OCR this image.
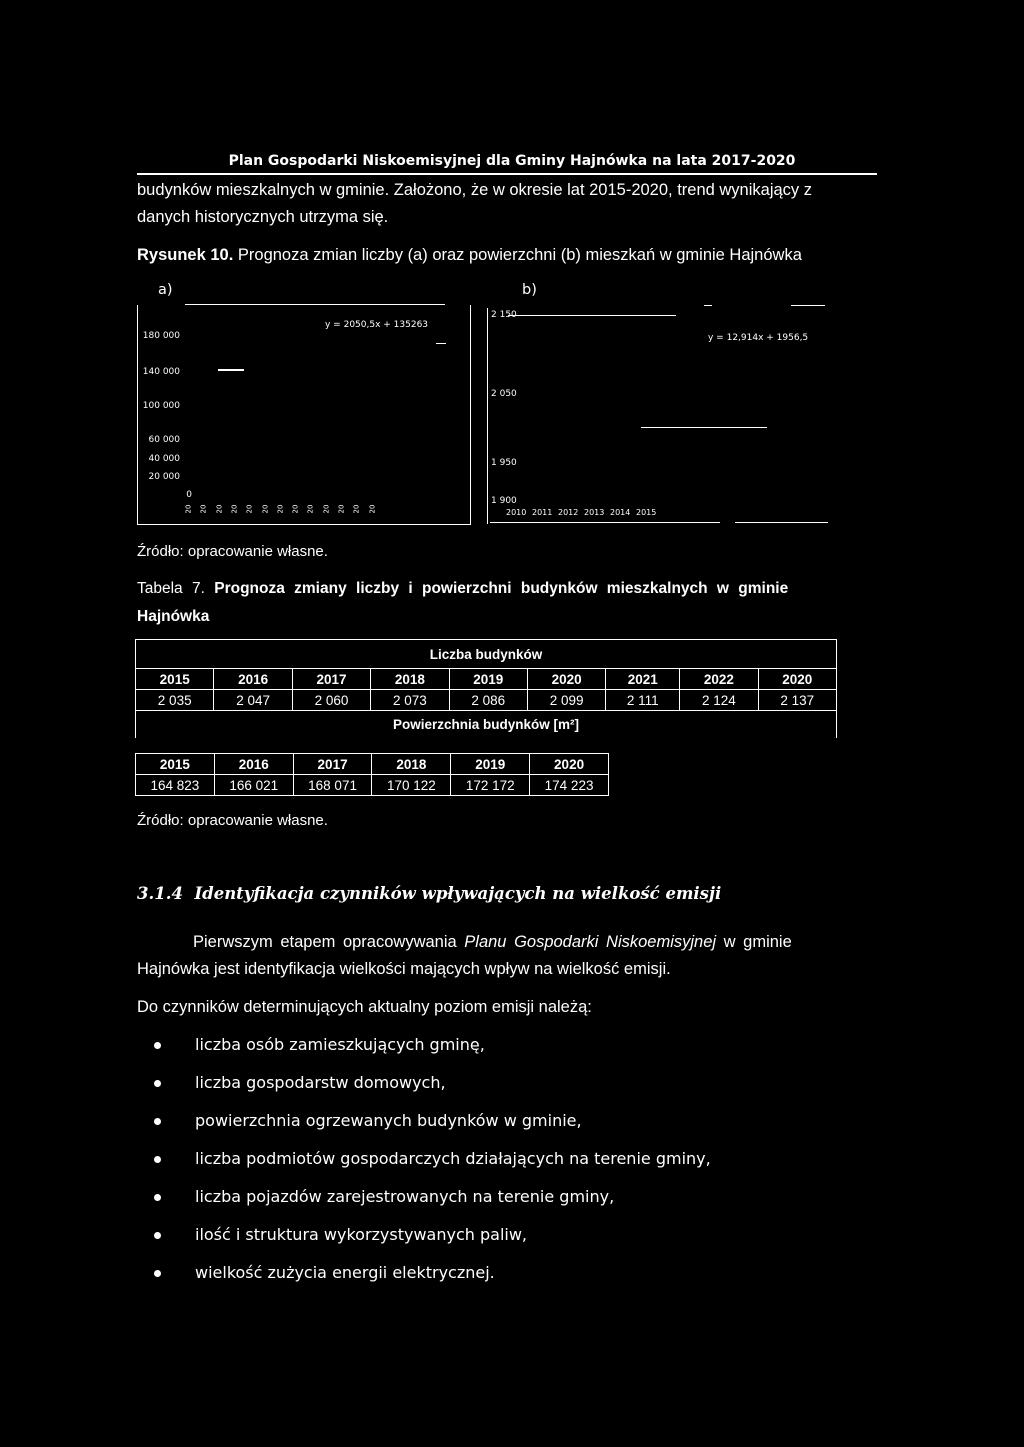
Plan Gospodarki Niskoemisyjnej dla Gminy Hajnówka na lata 2017-2020
budynków mieszkalnych w gminie. Założono, że w okresie lat 2015-2020, trend wynikający z
danych historycznych utrzyma się.
Rysunek 10. Prognoza zmian liczby (a) oraz powierzchni (b) mieszkań w gminie Hajnówka
a)	b)
180 000
140 000
100 000
60 000
40 000
20 000
0
y = 2050,5x + 135263
20 20 20 20 20 20 20 20 20 20 20 20 20
2 150
2 050
1 950
1 900
y = 12,914x + 1956,5
2010 2011 2012 2013 2014 2015
Źródło: opracowanie własne.
Tabela 7. Prognoza zmiany liczby i powierzchni budynków mieszkalnych w gminie
Hajnówka
Liczba budynków								
2015	2016	2017	2018	2019	2020	2021	2022	2020
2 035	2 047	2 060	2 073	2 086	2 099	2 111	2 124	2 137
Powierzchnia budynków [m²]								
2015	2016	2017	2018	2019	2020
164 823	166 021	168 071	170 122	172 172	174 223
Źródło: opracowanie własne.
3.1.4 Identyfikacja czynników wpływających na wielkość emisji
Pierwszym etapem opracowywania Planu Gospodarki Niskoemisyjnej w gminie
Hajnówka jest identyfikacja wielkości mających wpływ na wielkość emisji.
Do czynników determinujących aktualny poziom emisji należą:
liczba osób zamieszkujących gminę,
liczba gospodarstw domowych,
powierzchnia ogrzewanych budynków w gminie,
liczba podmiotów gospodarczych działających na terenie gminy,
liczba pojazdów zarejestrowanych na terenie gminy,
ilość i struktura wykorzystywanych paliw,
wielkość zużycia energii elektrycznej.
